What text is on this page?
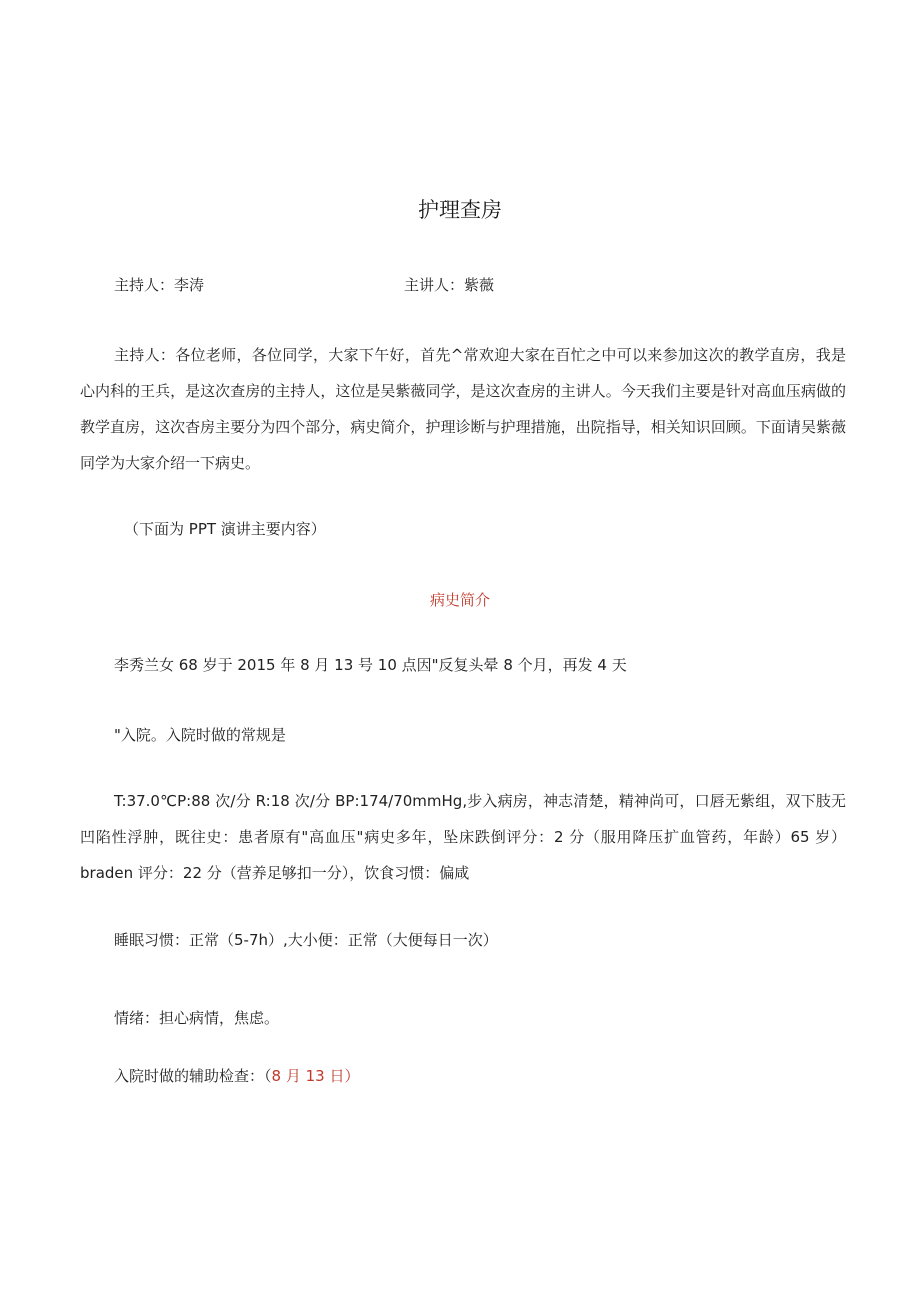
护理查房
主持人：李涛	主讲人：紫薇
主持人：各位老师，各位同学，大家下午好，首先^常欢迎大家在百忙之中可以来参加这次的教学直房，我是心内科的王兵，是这次查房的主持人，这位是吴紫薇同学，是这次查房的主讲人。今天我们主要是针对高血压病做的教学直房，这次杳房主要分为四个部分，病史简介，护理诊断与护理措施，出院指导，相关知识回顾。下面请吴紫薇同学为大家介绍一下病史。
（下面为 PPT 演讲主要内容）
病史简介
李秀兰女 68 岁于 2015 年 8 月 13 号 10 点因"反复头晕 8 个月，再发 4 天
"入院。入院时做的常规是
T:37.0℃P:88 次/分 R:18 次/分 BP:174/70mmHg,步入病房，神志清楚，精神尚可，口唇无紫组，双下肢无凹陷性浮肿，既往史：患者原有"高血压"病史多年，坠床跌倒评分：2 分（服用降压扩血管药，年龄）65 岁）braden 评分：22 分（营养足够扣一分），饮食习惯：偏咸
睡眠习惯：正常（5-7h）,大小便：正常（大便每日一次）
情绪：担心病情，焦虑。
入院时做的辅助检查：（8 月 13 日）
